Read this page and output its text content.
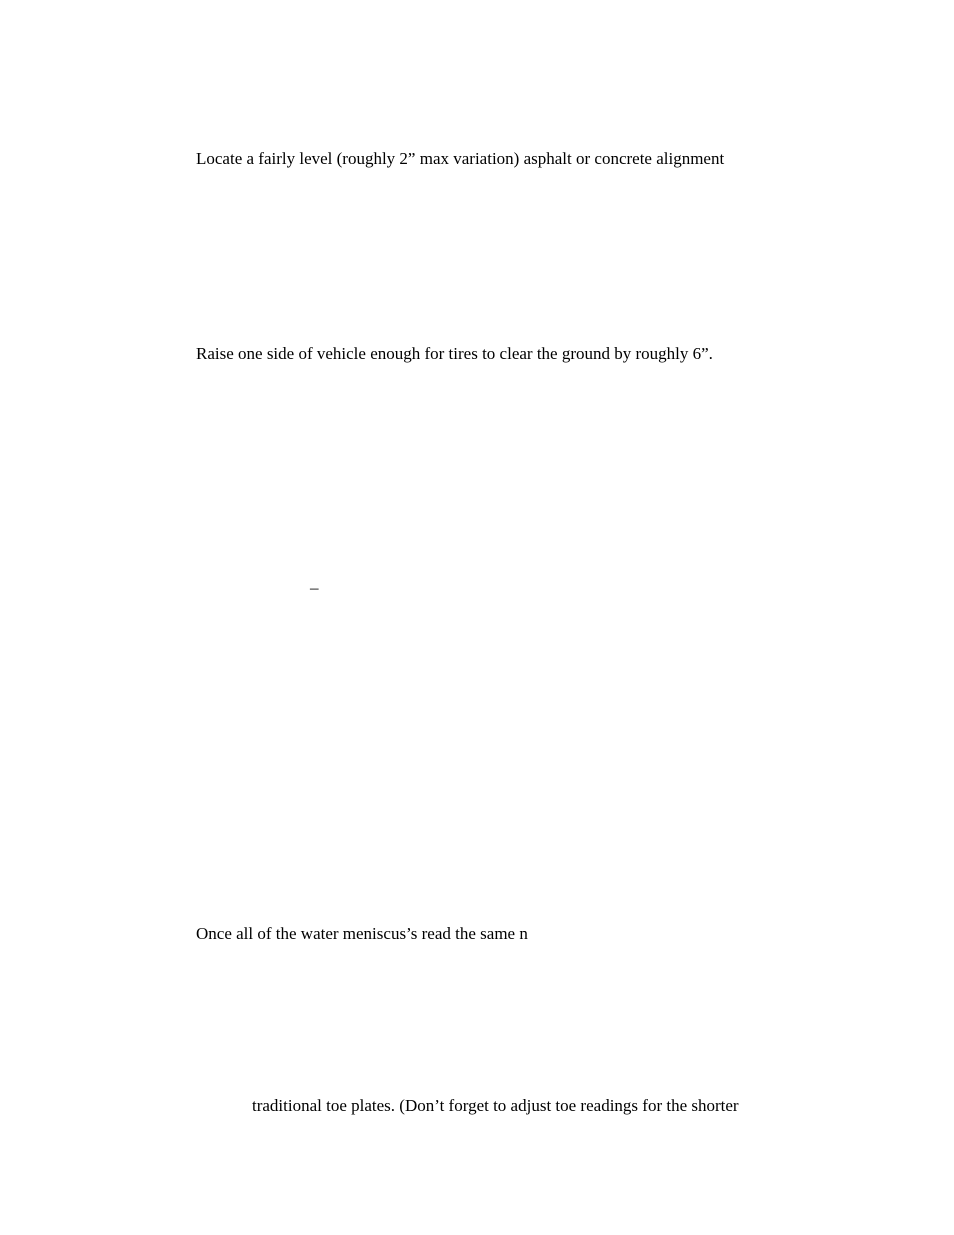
Locate a fairly level (roughly 2” max variation) asphalt or concrete alignment
Raise one side of vehicle enough for tires to clear the ground by roughly 6”.
–
Once all of the water meniscus’s read the same n
traditional toe plates. (Don’t forget to adjust toe readings for the shorter
